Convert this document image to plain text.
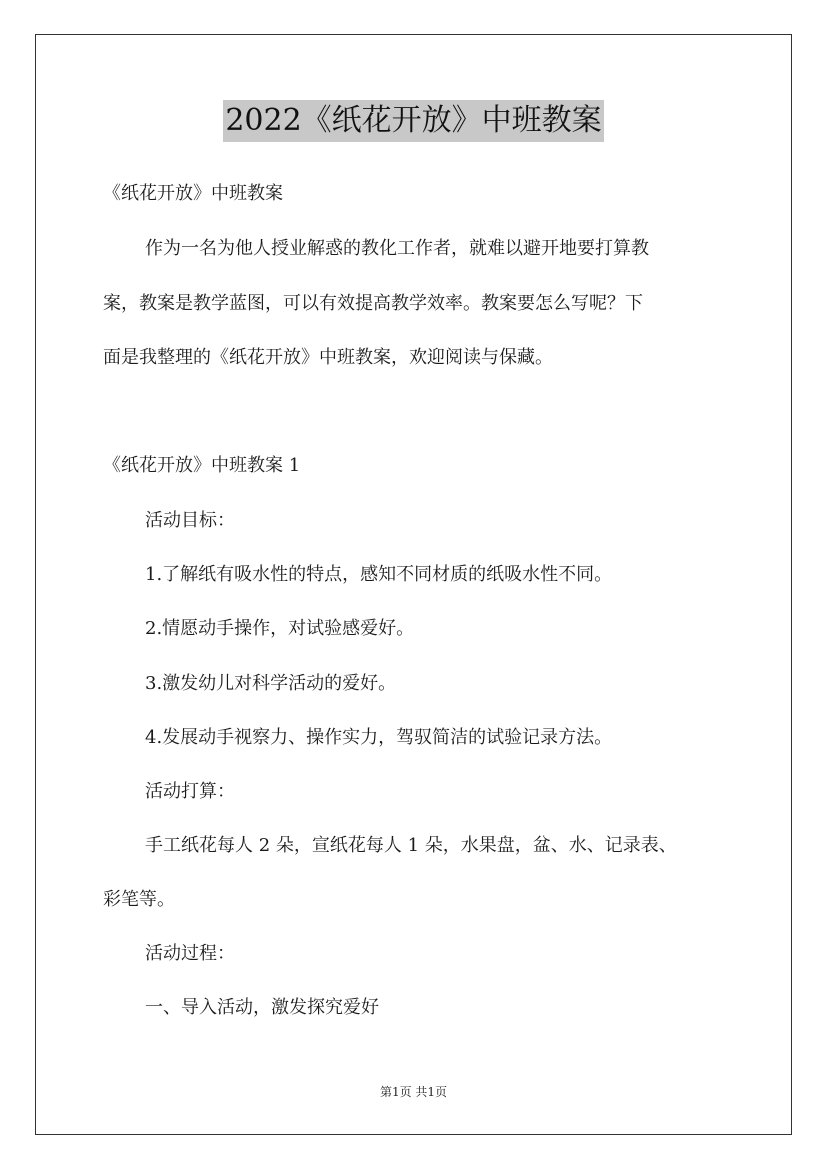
2022《纸花开放》中班教案
《纸花开放》中班教案
作为一名为他人授业解惑的教化工作者，就难以避开地要打算教
案，教案是教学蓝图，可以有效提高教学效率。教案要怎么写呢？下
面是我整理的《纸花开放》中班教案，欢迎阅读与保藏。
《纸花开放》中班教案 1
活动目标：
1.了解纸有吸水性的特点，感知不同材质的纸吸水性不同。
2.情愿动手操作，对试验感爱好。
3.激发幼儿对科学活动的爱好。
4.发展动手视察力、操作实力，驾驭简洁的试验记录方法。
活动打算：
手工纸花每人 2 朵，宣纸花每人 1 朵，水果盘，盆、水、记录表、
彩笔等。
活动过程：
一、导入活动，激发探究爱好
第1页 共1页
